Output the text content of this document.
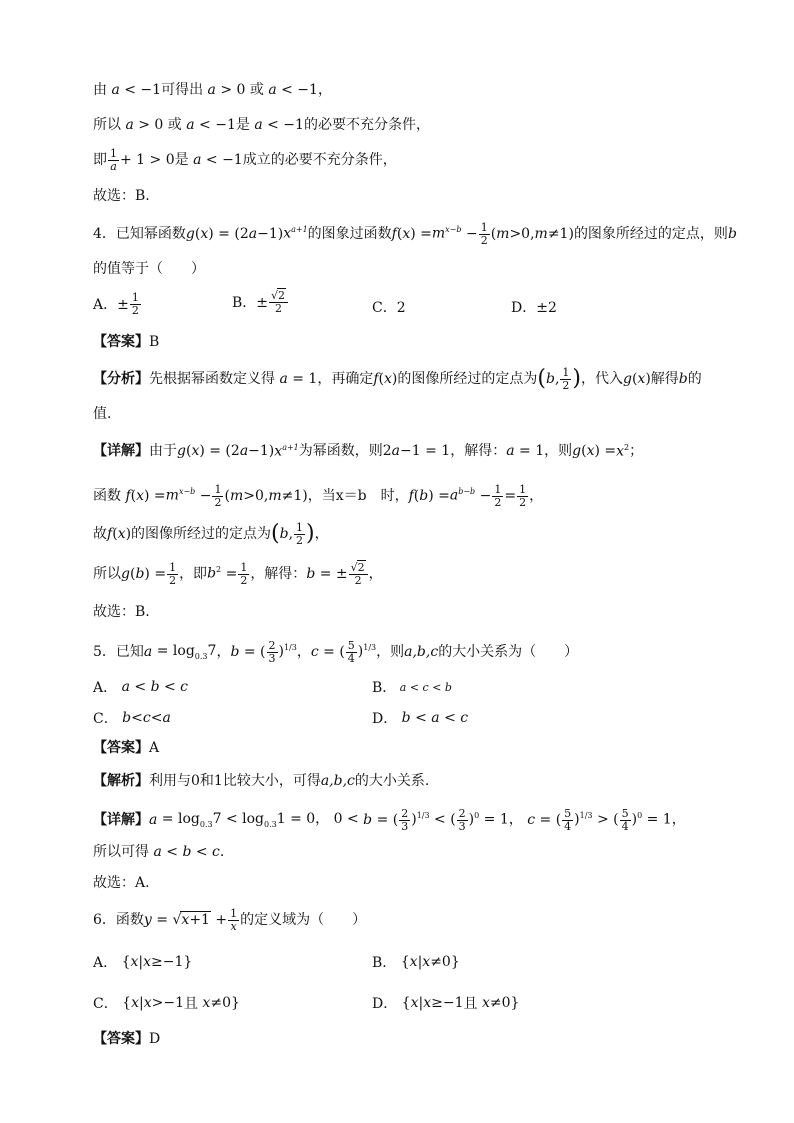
由 a < −1 可得出 a > 0 或 a < −1 ，
所以 a > 0 或 a < −1 是 a < −1 的必要不充分条件，
即 $\frac{1}{a} + 1 > 0$ 是 a < −1 成立的必要不充分条件，
故选：B.
4．已知幂函数 g ( x ) = (2 a −1) $x^{a+1}$ 的图象过函数 f ( x ) = $m^{x-b} - \frac{1}{2}$ ( m >0, m ≠1) 的图象所经过的定点，则 b
的值等于（　　）
A．± $\frac{1}{2}$	B．± $\frac{√2}{2}$	C．2	D．±2
【答案】 B
【分析】 先根据幂函数定义得 a = 1 ，再确定 f ( x ) 的图像所经过的定点为 ( b , $\frac{1}{2}$ ) ，代入 g ( x ) 解得 b 的
值.
【详解】 由于 g ( x ) = (2 a −1) $x^{a+1}$ 为幂函数，则 2 a −1 = 1 ，解得： a = 1 ，则 g ( x ) = $x^2$ ；
函数 f ( x ) = $m^{x-b} - \frac{1}{2}$ ( m >0, m ≠1) ，当x＝b　时， f ( b ) = $a^{b-b} - \frac{1}{2} = \frac{1}{2}$ ，
故 f ( x ) 的图像所经过的定点为 ( b , $\frac{1}{2}$ ) ，
所以 g ( b ) = $\frac{1}{2}$ ，即 $b^2 = \frac{1}{2}$ ，解得： b = ± $\frac{√2}{2}$ ，
故选：B.
5．已知 $a = \log_{0.3}7$ ， b = ( $\frac{2}{3} )^{1/3}$ ， c = ( $\frac{5}{4} )^{1/3}$ ，则 a,b,c 的大小关系为（　　）
A． a < b < c	B． a < c < b
C． b < c < a	D． b < a < c
【答案】 A
【解析】 利用与0和1比较大小，可得 a,b,c 的大小关系.
【详解】 $a = \log_{0.3}7 < \log_{0.3}1 = 0$， 0 < b = ( $\frac{2}{3} )^{1/3}$ < ( $\frac{2}{3} )^0 = 1$， c = ( $\frac{5}{4} )^{1/3}$ > ( $\frac{5}{4} )^0 = 1$，
所以可得 a < b < c .
故选：A.
6．函数 $y = √x+1 + \frac{1}{x}$ 的定义域为（　　）
A． { x | x ≥−1}	B． { x | x ≠0}
C． { x | x >−1 且 x ≠0}	D． { x | x ≥−1 且 x ≠0}
【答案】 D
